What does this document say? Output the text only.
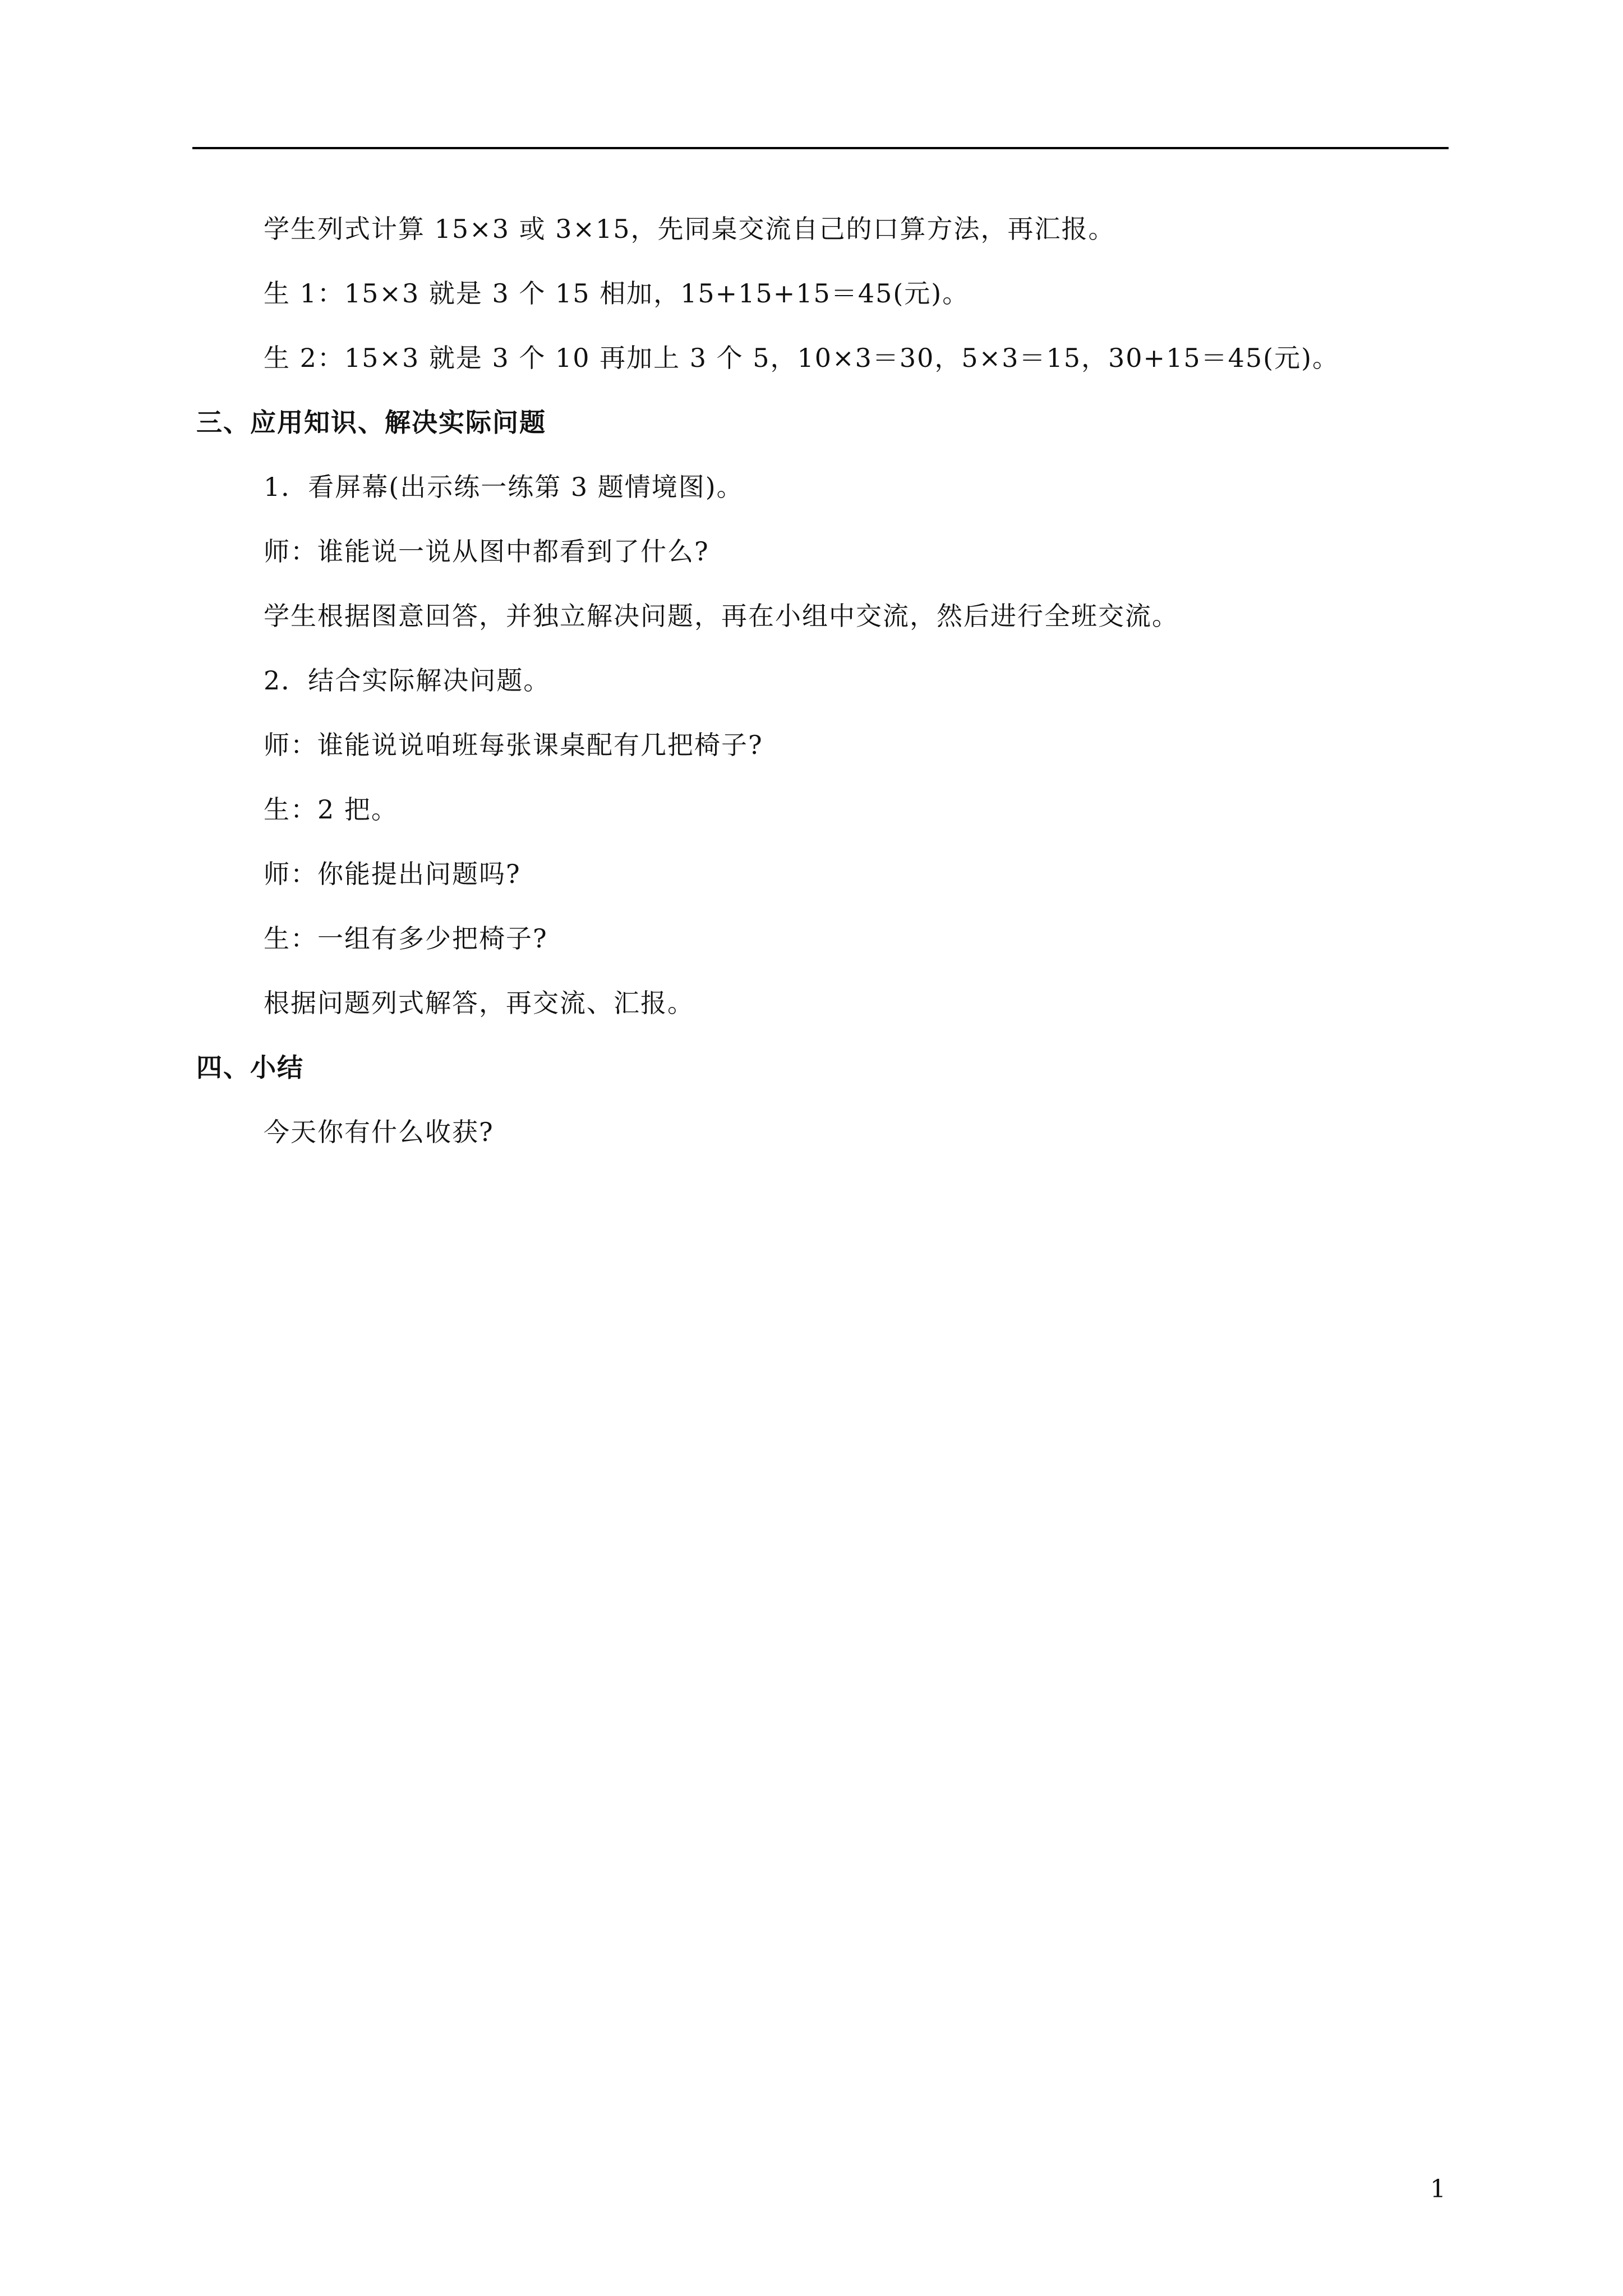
学生列式计算 15×3 或 3×15，先同桌交流自己的口算方法，再汇报。
生 1：15×3 就是 3 个 15 相加，15+15+15＝45(元)。
生 2：15×3 就是 3 个 10 再加上 3 个 5，10×3＝30，5×3＝15，30+15＝45(元)。
三、应用知识、解决实际问题
1．看屏幕(出示练一练第 3 题情境图)。
师：谁能说一说从图中都看到了什么?
学生根据图意回答，并独立解决问题，再在小组中交流，然后进行全班交流。
2．结合实际解决问题。
师：谁能说说咱班每张课桌配有几把椅子?
生：2 把。
师：你能提出问题吗?
生：一组有多少把椅子?
根据问题列式解答，再交流、汇报。
四、小结
今天你有什么收获?
1
